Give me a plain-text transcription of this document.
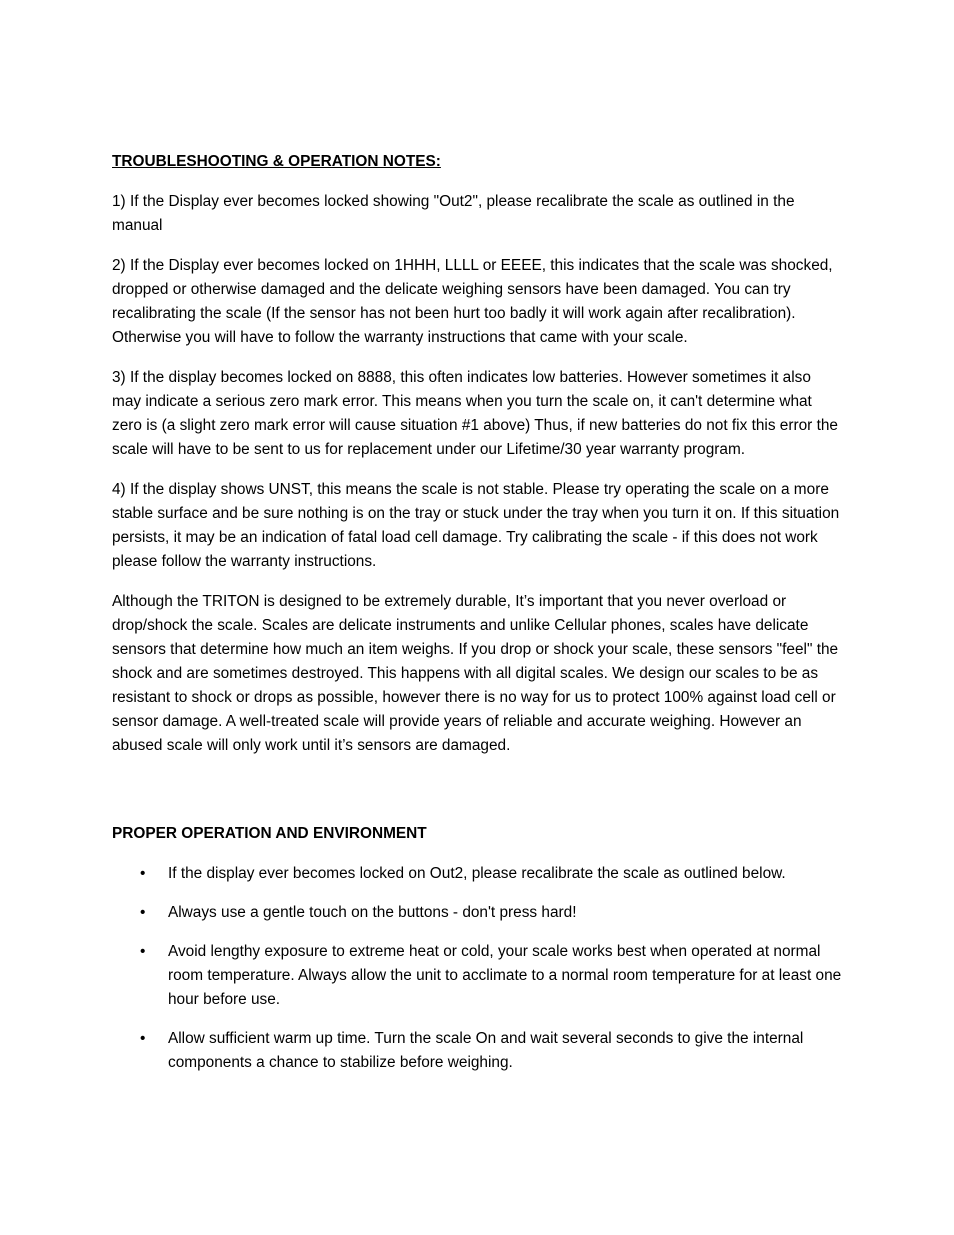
TROUBLESHOOTING & OPERATION NOTES:

1) If the Display ever becomes locked showing "Out2", please recalibrate the scale as outlined in the manual

2) If the Display ever becomes locked on 1HHH, LLLL or EEEE, this indicates that the scale was shocked, dropped or otherwise damaged and the delicate weighing sensors have been damaged. You can try recalibrating the scale (If the sensor has not been hurt too badly it will work again after recalibration). Otherwise you will have to follow the warranty instructions that came with your scale.

3) If the display becomes locked on 8888, this often indicates low batteries. However sometimes it also may indicate a serious zero mark error. This means when you turn the scale on, it can't determine what zero is (a slight zero mark error will cause situation #1 above) Thus, if new batteries do not fix this error the scale will have to be sent to us for replacement under our Lifetime/30 year warranty program.

4) If the display shows UNST, this means the scale is not stable. Please try operating the scale on a more stable surface and be sure nothing is on the tray or stuck under the tray when you turn it on. If this situation persists, it may be an indication of fatal load cell damage. Try calibrating the scale - if this does not work please follow the warranty instructions.

Although the TRITON is designed to be extremely durable, It’s important that you never overload or drop/shock the scale. Scales are delicate instruments and unlike Cellular phones, scales have delicate sensors that determine how much an item weighs. If you drop or shock your scale, these sensors "feel" the shock and are sometimes destroyed. This happens with all digital scales. We design our scales to be as resistant to shock or drops as possible, however there is no way for us to protect 100% against load cell or sensor damage. A well-treated scale will provide years of reliable and accurate weighing. However an abused scale will only work until it’s sensors are damaged.

PROPER OPERATION AND ENVIRONMENT
• If the display ever becomes locked on Out2, please recalibrate the scale as outlined below.
• Always use a gentle touch on the buttons - don't press hard!
• Avoid lengthy exposure to extreme heat or cold, your scale works best when operated at normal room temperature. Always allow the unit to acclimate to a normal room temperature for at least one hour before use.
• Allow sufficient warm up time. Turn the scale On and wait several seconds to give the internal components a chance to stabilize before weighing.
